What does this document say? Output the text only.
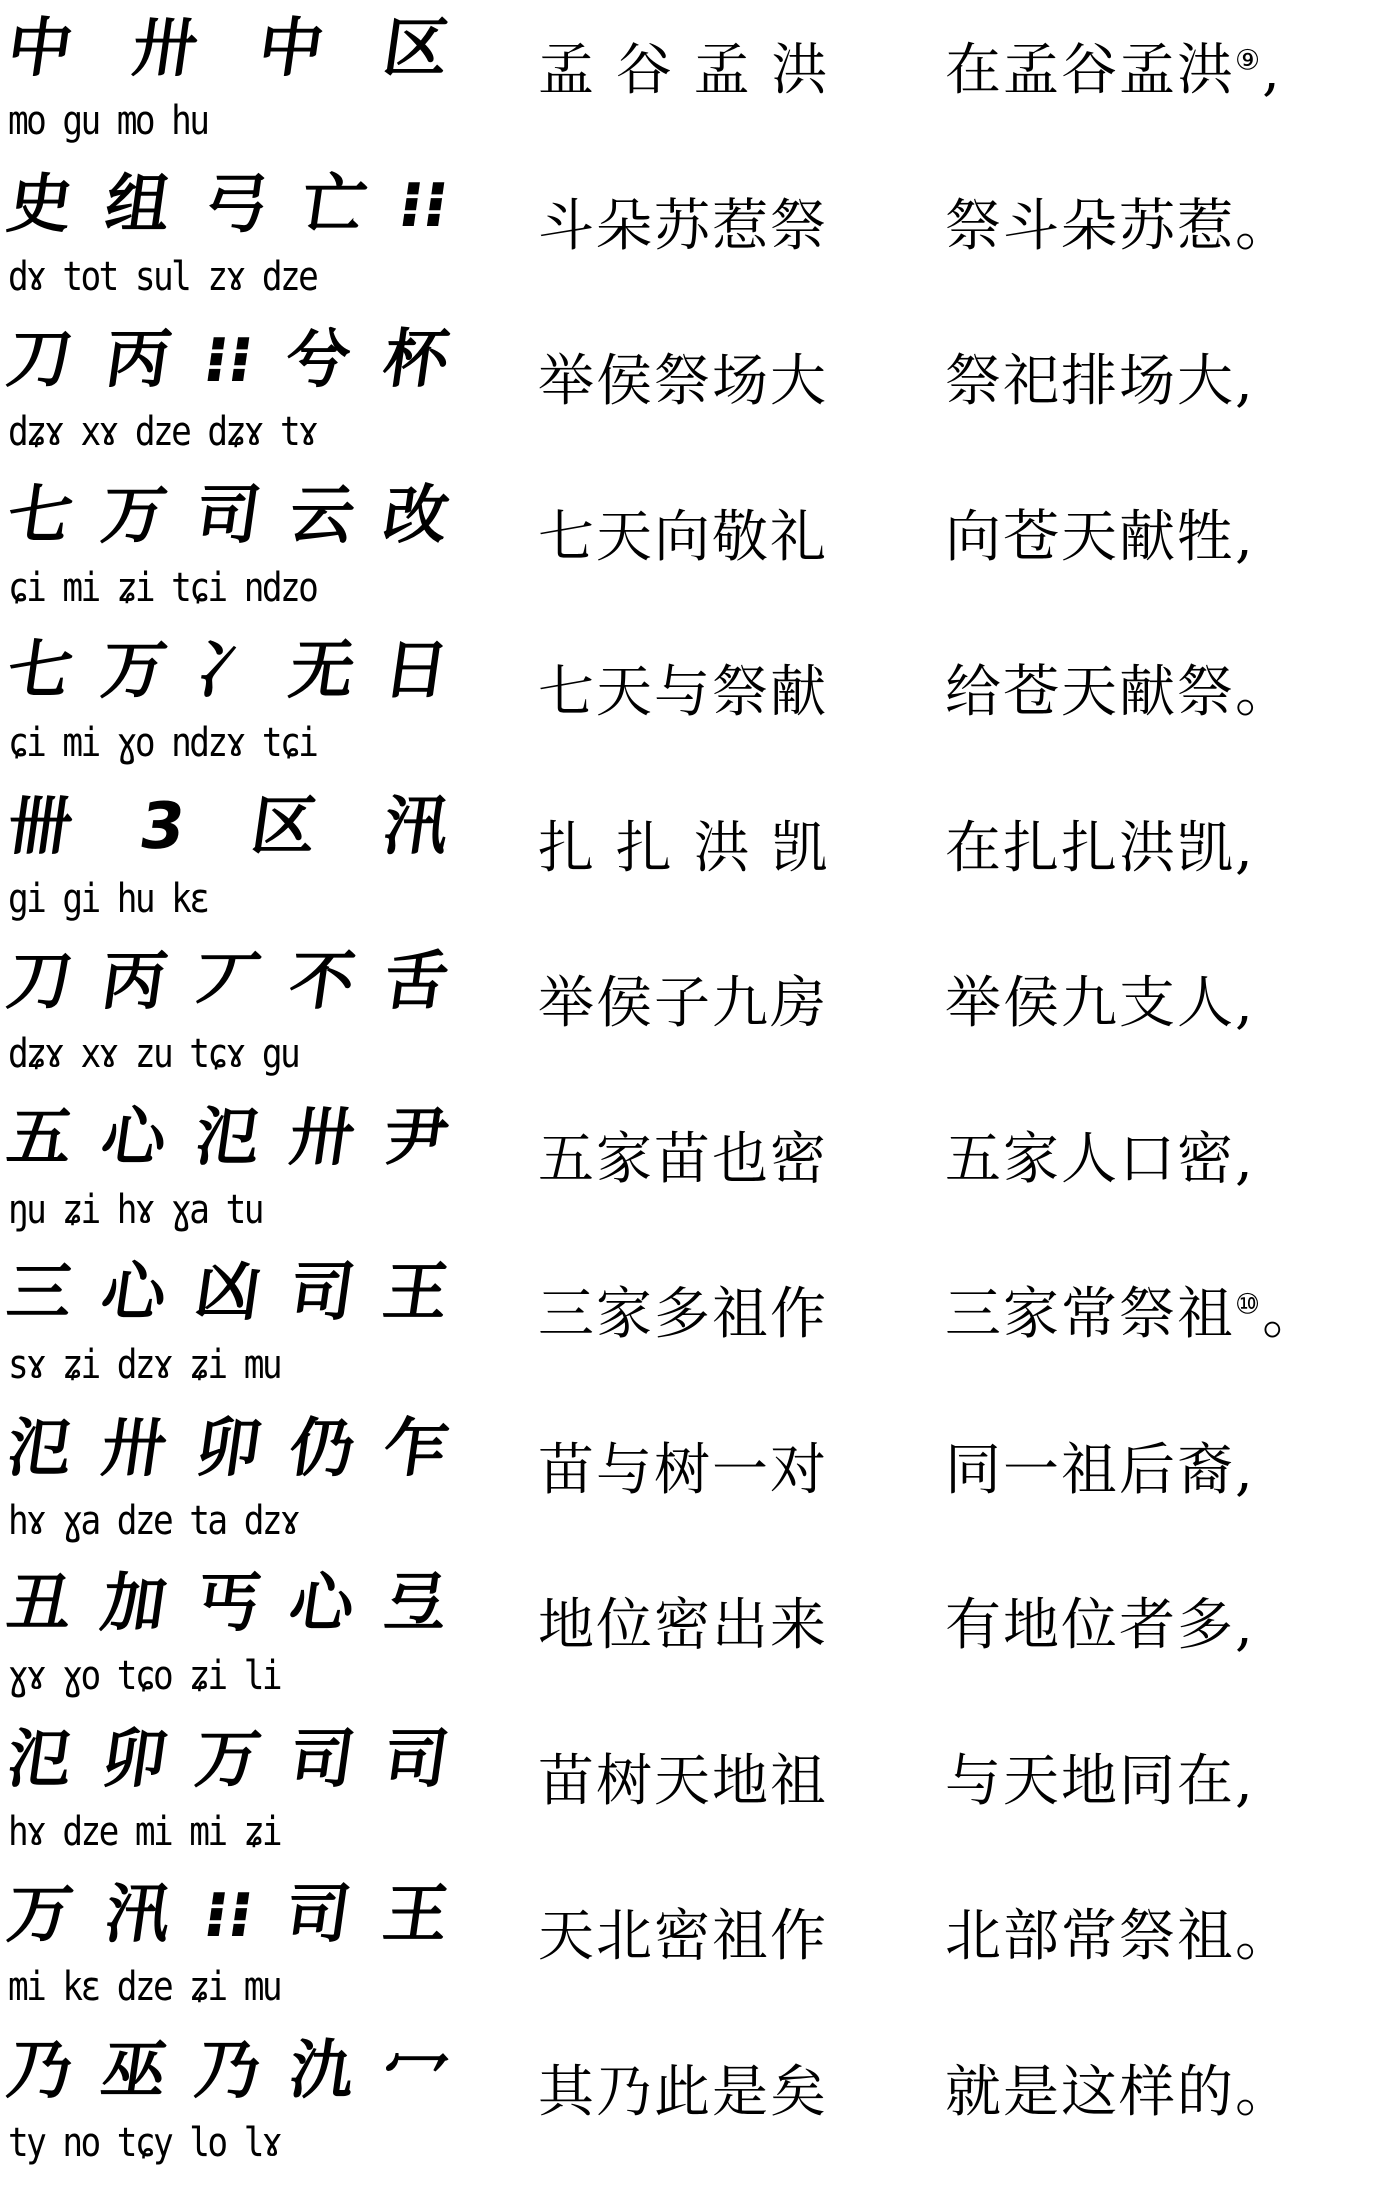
中 卅 中 区
mo gu mo hu
孟 谷 孟 洪 在孟谷孟洪⑨,
史 组 弓 亡 ⁝⁝
dɤ tot sul zɤ dze
斗朵苏惹祭 祭斗朵苏惹。
刀 丙 ⁝⁝ 兮 杯
dʑɤ xɤ dze dʑɤ tɤ
举侯祭场大 祭祀排场大,
七 万 司 云 改
ɕi mi ʑi tɕi ndzo
七天向敬礼 向苍天献牲,
七 万 冫 无 日
ɕi mi ɣo ndzɤ tɕi
七天与祭献 给苍天献祭。
卌 3 区 汛
gi gi hu kɛ
扎 扎 洪 凯 在扎扎洪凯,
刀 丙 丆 不 舌
dʑɤ xɤ zu tɕɤ gu
举侯子九房 举侯九支人,
五 心 氾 卅 尹
ŋu ʑi hɤ ɣa tu
五家苗也密 五家人口密,
三 心 凶 司 王
sɤ ʑi dzɤ ʑi mu
三家多祖作 三家常祭祖⑩。
氾 卅 卯 仍 乍
hɤ ɣa dze ta dzɤ
苗与树一对 同一祖后裔,
丑 加 丐 心 弖
ɣɤ ɣo tɕo ʑi li
地位密出来 有地位者多,
氾 卯 万 司 司
hɤ dze mi mi ʑi
苗树天地祖 与天地同在,
万 汛 ⁝⁝ 司 王
mi kɛ dze ʑi mu
天北密祖作 北部常祭祖。
乃 巫 乃 氿 冖
ty no tɕy lo lɤ
其乃此是矣 就是这样的。
